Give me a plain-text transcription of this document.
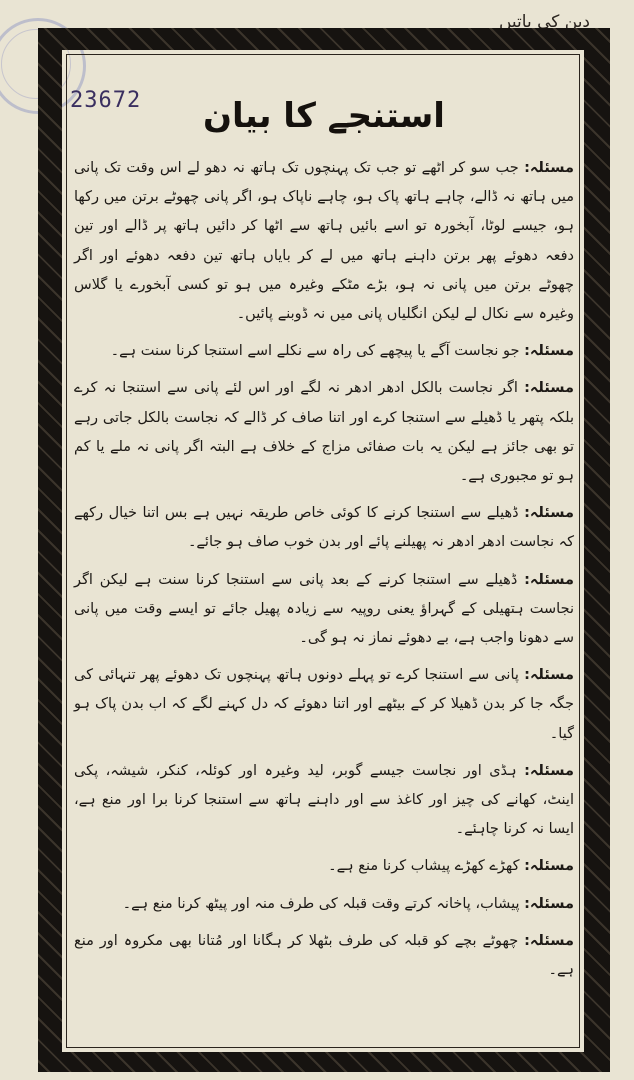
23672
دین کی باتیں
۶۱
استنجے کا بیان

مسئلہ: جب سو کر اٹھے تو جب تک پہنچوں تک ہاتھ نہ دھو لے اس وقت تک پانی میں ہاتھ نہ ڈالے، چاہے ہاتھ پاک ہو، چاہے ناپاک ہو، اگر پانی چھوٹے برتن میں رکھا ہو، جیسے لوٹا، آبخورہ تو اسے بائیں ہاتھ سے اٹھا کر دائیں ہاتھ پر ڈالے اور تین دفعہ دھوئے پھر برتن داہنے ہاتھ میں لے کر بایاں ہاتھ تین دفعہ دھوئے اور اگر چھوٹے برتن میں پانی نہ ہو، بڑے مٹکے وغیرہ میں ہو تو کسی آبخورے یا گلاس وغیرہ سے نکال لے لیکن انگلیاں پانی میں نہ ڈوبنے پائیں۔

مسئلہ: جو نجاست آگے یا پیچھے کی راہ سے نکلے اسے استنجا کرنا سنت ہے۔

مسئلہ: اگر نجاست بالکل ادھر ادھر نہ لگے اور اس لئے پانی سے استنجا نہ کرے بلکہ پتھر یا ڈھیلے سے استنجا کرے اور اتنا صاف کر ڈالے کہ نجاست بالکل جاتی رہے تو بھی جائز ہے لیکن یہ بات صفائی مزاج کے خلاف ہے البتہ اگر پانی نہ ملے یا کم ہو تو مجبوری ہے۔

مسئلہ: ڈھیلے سے استنجا کرنے کا کوئی خاص طریقہ نہیں ہے بس اتنا خیال رکھے کہ نجاست ادھر ادھر نہ پھیلنے پائے اور بدن خوب صاف ہو جائے۔

مسئلہ: ڈھیلے سے استنجا کرنے کے بعد پانی سے استنجا کرنا سنت ہے لیکن اگر نجاست ہتھیلی کے گہراؤ یعنی روپیہ سے زیادہ پھیل جائے تو ایسے وقت میں پانی سے دھونا واجب ہے، بے دھوئے نماز نہ ہو گی۔

مسئلہ: پانی سے استنجا کرے تو پہلے دونوں ہاتھ پہنچوں تک دھوئے پھر تنہائی کی جگہ جا کر بدن ڈھیلا کر کے بیٹھے اور اتنا دھوئے کہ دل کہنے لگے کہ اب بدن پاک ہو گیا۔

مسئلہ: ہڈی اور نجاست جیسے گوبر، لید وغیرہ اور کوئلہ، کنکر، شیشہ، پکی اینٹ، کھانے کی چیز اور کاغذ سے اور داہنے ہاتھ سے استنجا کرنا برا اور منع ہے، ایسا نہ کرنا چاہئے۔

مسئلہ: کھڑے کھڑے پیشاب کرنا منع ہے۔

مسئلہ: پیشاب، پاخانہ کرتے وقت قبلہ کی طرف منہ اور پیٹھ کرنا منع ہے۔

مسئلہ: چھوٹے بچے کو قبلہ کی طرف بٹھلا کر ہگانا اور مُتانا بھی مکروہ اور منع ہے۔
